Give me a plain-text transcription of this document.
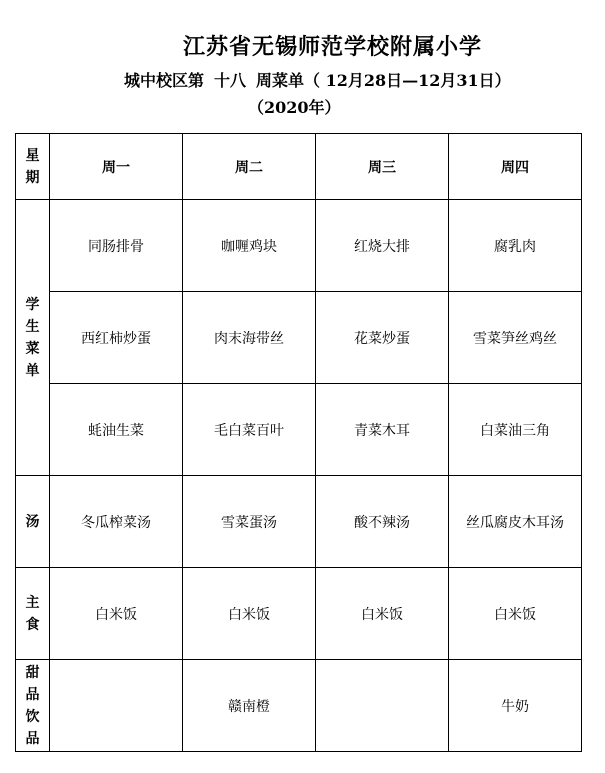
江苏省无锡师范学校附属小学
城中校区第 十八 周菜单（ 12月28日—12月31日）
（2020年）
星期	周一	周二	周三	周四
学生菜单	同肠排骨	咖喱鸡块	红烧大排	腐乳肉
	西红柿炒蛋	肉末海带丝	花菜炒蛋	雪菜笋丝鸡丝
	蚝油生菜	毛白菜百叶	青菜木耳	白菜油三角
汤	冬瓜榨菜汤	雪菜蛋汤	酸不辣汤	丝瓜腐皮木耳汤
主食	白米饭	白米饭	白米饭	白米饭
甜品饮品		赣南橙		牛奶
